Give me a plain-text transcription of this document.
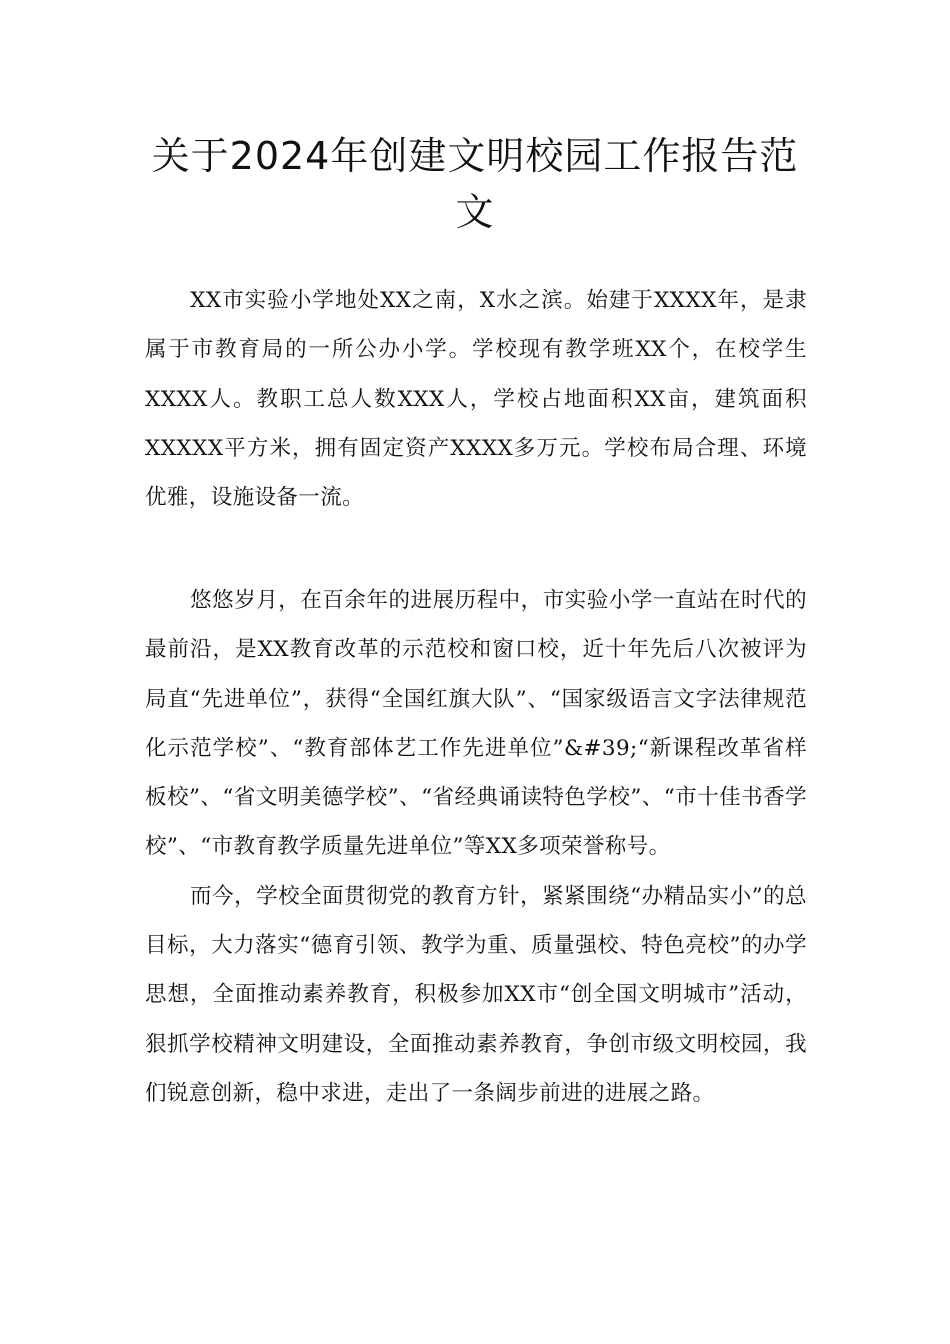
关于2024年创建文明校园工作报告范文

XX市实验小学地处XX之南，X水之滨。始建于XXXX年，是隶属于市教育局的一所公办小学。学校现有教学班XX个，在校学生XXXX人。教职工总人数XXX人，学校占地面积XX亩，建筑面积XXXXX平方米，拥有固定资产XXXX多万元。学校布局合理、环境优雅，设施设备一流。

悠悠岁月，在百余年的进展历程中，市实验小学一直站在时代的最前沿，是XX教育改革的示范校和窗口校，近十年先后八次被评为局直“先进单位”，获得“全国红旗大队”、“国家级语言文字法律规范化示范学校”、“教育部体艺工作先进单位”&#39;“新课程改革省样板校”、“省文明美德学校”、“省经典诵读特色学校”、“市十佳书香学校”、“市教育教学质量先进单位”等XX多项荣誉称号。

而今，学校全面贯彻党的教育方针，紧紧围绕“办精品实小”的总目标，大力落实“德育引领、教学为重、质量强校、特色亮校”的办学思想，全面推动素养教育，积极参加XX市“创全国文明城市”活动，狠抓学校精神文明建设，全面推动素养教育，争创市级文明校园，我们锐意创新，稳中求进，走出了一条阔步前进的进展之路。
